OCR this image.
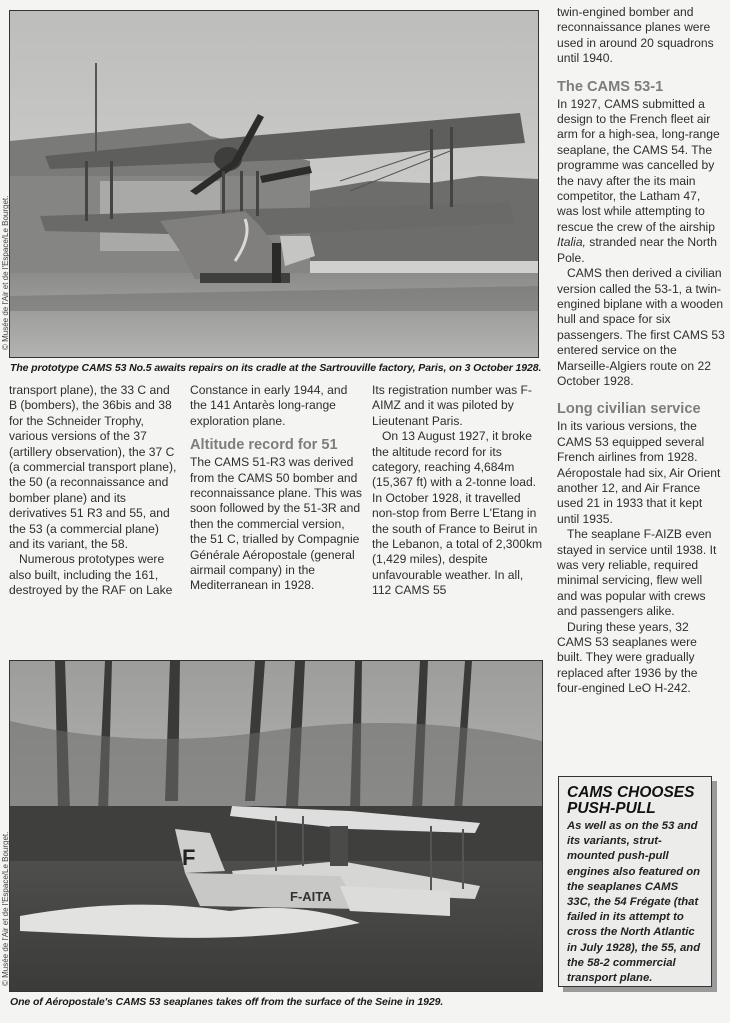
© Musée de l'Air et de l'Espace/Le Bourget.
The prototype CAMS 53 No.5 awaits repairs on its cradle at the Sartrouville factory, Paris, on 3 October 1928.

transport plane), the 33 C and B (bombers), the 36bis and 38 for the Schneider Trophy, various versions of the 37 (artillery observation), the 37 C (a commercial transport plane), the 50 (a reconnaissance and bomber plane) and its derivatives 51 R3 and 55, and the 53 (a commercial plane) and its variant, the 58.

Numerous prototypes were also built, including the 161, destroyed by the RAF on Lake

Constance in early 1944, and the 141 Antarès long-range exploration plane.

Altitude record for 51

The CAMS 51-R3 was derived from the CAMS 50 bomber and reconnaissance plane. This was soon followed by the 51-3R and then the commercial version, the 51 C, trialled by Compagnie Générale Aéropostale (general airmail company) in the Mediterranean in 1928.

Its registration number was F-AIMZ and it was piloted by Lieutenant Paris.

On 13 August 1927, it broke the altitude record for its category, reaching 4,684m (15,367 ft) with a 2-tonne load. In October 1928, it travelled non-stop from Berre L'Etang in the south of France to Beirut in the Lebanon, a total of 2,300km (1,429 miles), despite unfavourable weather. In all, 112 CAMS 55

twin-engined bomber and reconnaissance planes were used in around 20 squadrons until 1940.

The CAMS 53-1

In 1927, CAMS submitted a design to the French fleet air arm for a high-sea, long-range seaplane, the CAMS 54. The programme was cancelled by the navy after the its main competitor, the Latham 47, was lost while attempting to rescue the crew of the airship Italia, stranded near the North Pole.

CAMS then derived a civilian version called the 53-1, a twin-engined biplane with a wooden hull and space for six passengers. The first CAMS 53 entered service on the Marseille-Algiers route on 22 October 1928.

Long civilian service

In its various versions, the CAMS 53 equipped several French airlines from 1928. Aéropostale had six, Air Orient another 12, and Air France used 21 in 1933 that it kept until 1935.

The seaplane F-AIZB even stayed in service until 1938. It was very reliable, required minimal servicing, flew well and was popular with crews and passengers alike.

During these years, 32 CAMS 53 seaplanes were built. They were gradually replaced after 1936 by the four-engined LeO H-242.

F
F-AITA
© Musée de l'Air et de l'Espace/Le Bourget.
One of Aéropostale's CAMS 53 seaplanes takes off from the surface of the Seine in 1929.
CAMS CHOOSES PUSH-PULL

As well as on the 53 and its variants, strut-mounted push-pull engines also featured on the seaplanes CAMS 33C, the 54 Frégate (that failed in its attempt to cross the North Atlantic in July 1928), the 55, and the 58-2 commercial transport plane.
